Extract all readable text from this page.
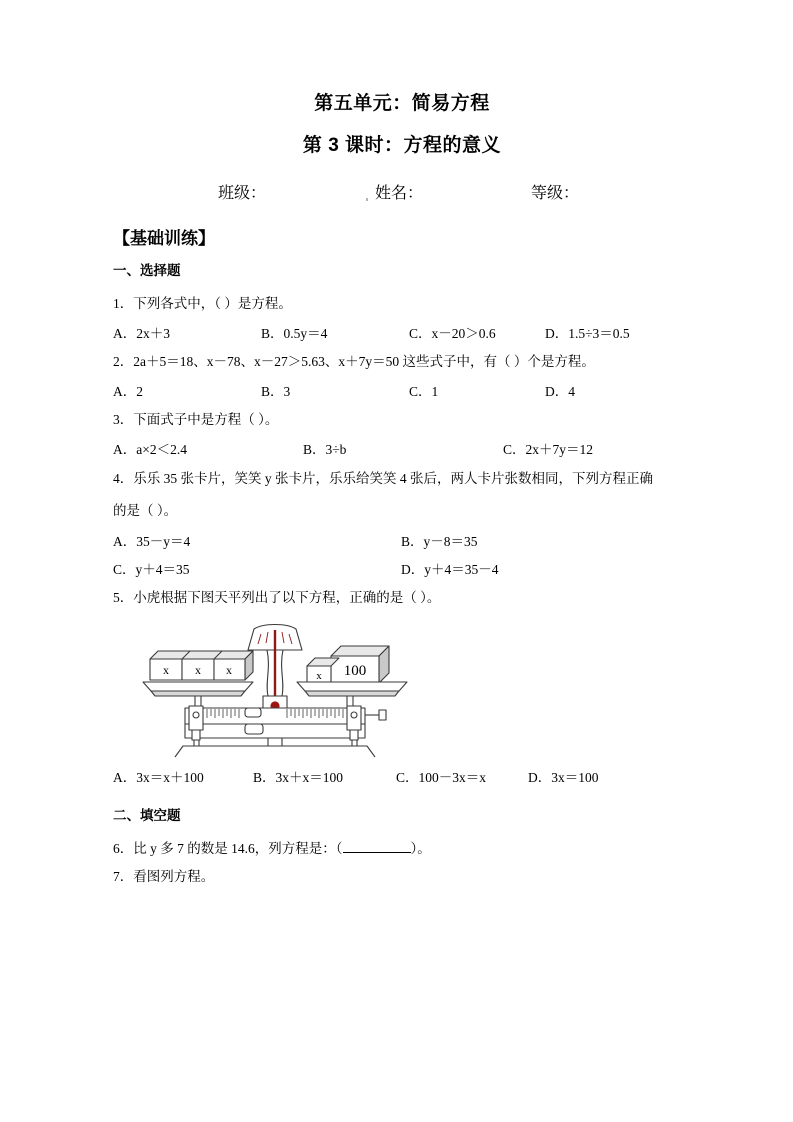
第五单元：简易方程
第 3 课时：方程的意义
班级：	姓名：	等级：
【基础训练】
一、选择题

1．下列各式中，（ ）是方程。

A．2x＋3	B．0.5y＝4	C．x－20＞0.6	D．1.5÷3＝0.5

2．2a＋5＝18、x－78、x－27＞5.63、x＋7y＝50 这些式子中，有（ ）个是方程。

A．2	B．3	C．1	D．4

3．下面式子中是方程（ ）。

A．a×2＜2.4	B．3÷b	C．2x＋7y＝12

4．乐乐 35 张卡片，笑笑 y 张卡片，乐乐给笑笑 4 张后，两人卡片张数相同，下列方程正确

的是（ ）。

A．35－y＝4	B．y－8＝35
C．y＋4＝35	D．y＋4＝35－4

5．小虎根据下图天平列出了以下方程，正确的是（ ）。

x x x	100
x
A．3x＝x＋100	B．3x＋x＝100	C．100－3x＝x	D．3x＝100
二、填空题

6．比 y 多 7 的数是 14.6，列方程是：（	）。

7．看图列方程。
